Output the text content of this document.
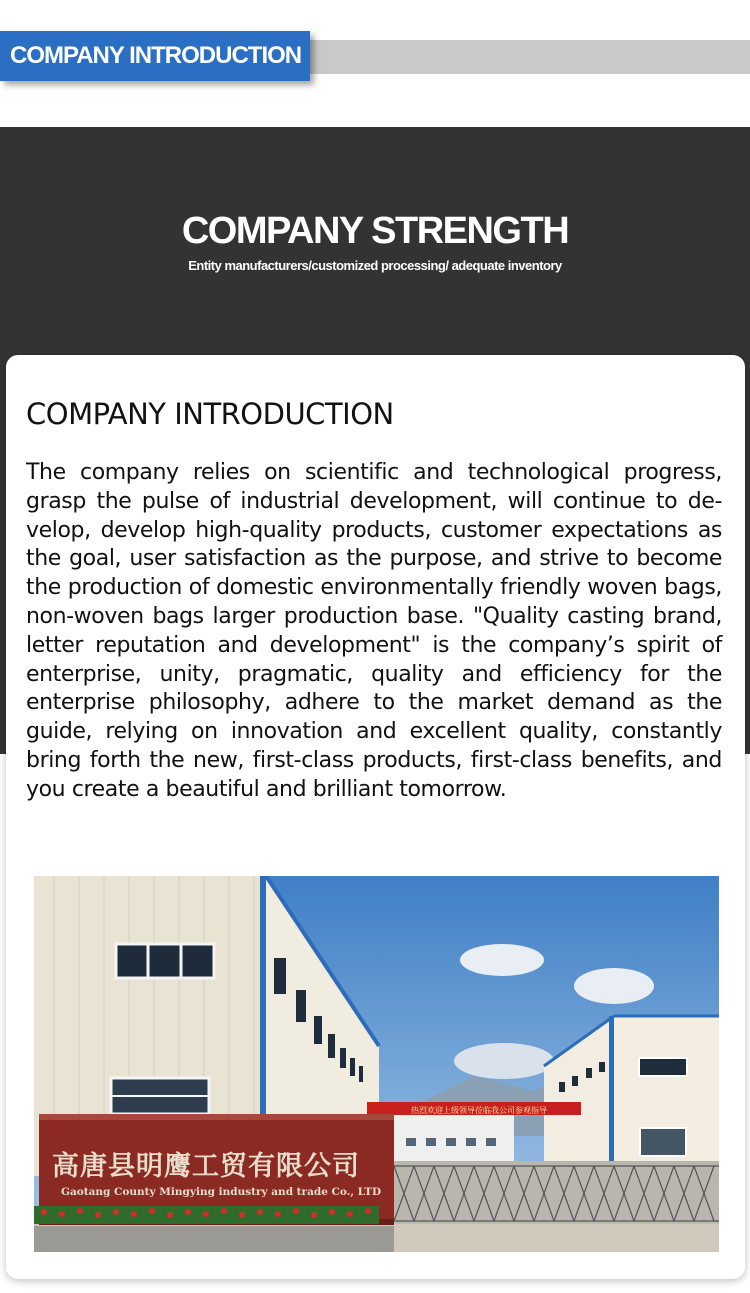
COMPANY INTRODUCTION
COMPANY STRENGTH
Entity manufacturers/customized processing/ adequate inventory
COMPANY INTRODUCTION
The company relies on scientific and technological progress, grasp the pulse of industrial development, will continue to de-velop, develop high-quality products, customer expectations as the goal, user satisfaction as the purpose, and strive to become the production of domestic environmentally friendly woven bags, non-woven bags larger production base. "Quality casting brand, letter reputation and development" is the company’s spirit of enterprise, unity, pragmatic, quality and efficiency for the enterprise philosophy, adhere to the market demand as the guide, relying on innovation and excellent quality, constantly bring forth the new, first-class products, first-class benefits, and you create a beautiful and brilliant tomorrow.
热烈欢迎上级领导莅临我公司参观指导
高唐县明鹰工贸有限公司
Gaotang County Mingying industry and trade Co., LTD
